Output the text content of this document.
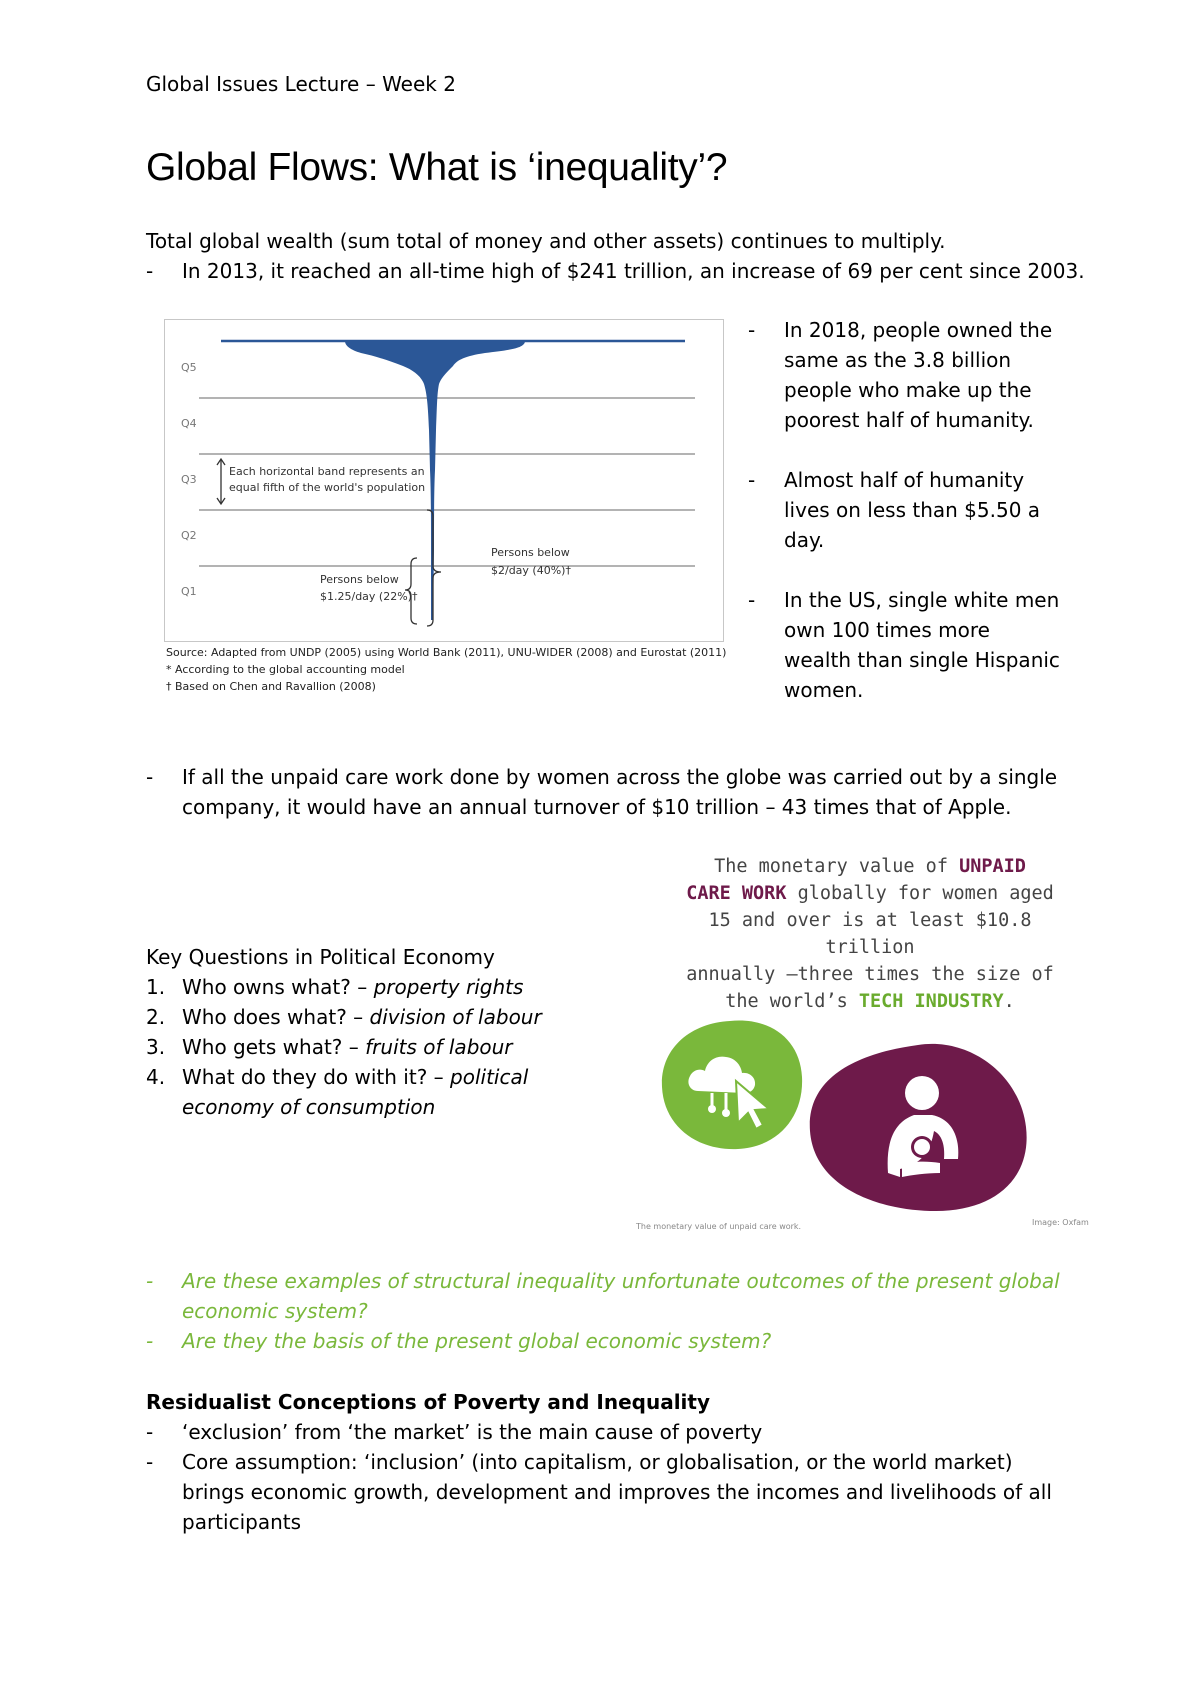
Global Issues Lecture – Week 2
Global Flows: What is ‘inequality’?
Total global wealth (sum total of money and other assets) continues to multiply.
- In 2013, it reached an all-time high of $241 trillion, an increase of 69 per cent since 2003.
Q5
Q4
Q3
Q2
Q1
Each horizontal band represents an
equal fifth of the world's population
Persons below
$1.25/day (22%)†
Persons below
$2/day (40%)†
Source: Adapted from UNDP (2005) using World Bank (2011), UNU-WIDER (2008) and Eurostat (2011)
* According to the global accounting model
† Based on Chen and Ravallion (2008)
- In 2018, people owned the
same as the 3.8 billion
people who make up the
poorest half of humanity.
- Almost half of humanity
lives on less than $5.50 a
day.
- In the US, single white men
own 100 times more
wealth than single Hispanic
women.
- If all the unpaid care work done by women across the globe was carried out by a single
company, it would have an annual turnover of $10 trillion – 43 times that of Apple.
Key Questions in Political Economy
1. Who owns what? – property rights
2. Who does what? – division of labour
3. Who gets what? – fruits of labour
4. What do they do with it? – political
economy of consumption
The monetary value of UNPAID
CARE WORK globally for women aged
15 and over is at least $10.8 trillion
annually –three times the size of
the world’s TECH INDUSTRY.
The monetary value of unpaid care work.	Image: Oxfam
- Are these examples of structural inequality unfortunate outcomes of the present global
economic system?
- Are they the basis of the present global economic system?
Residualist Conceptions of Poverty and Inequality
- ‘exclusion’ from ‘the market’ is the main cause of poverty
- Core assumption: ‘inclusion’ (into capitalism, or globalisation, or the world market)
brings economic growth, development and improves the incomes and livelihoods of all
participants
